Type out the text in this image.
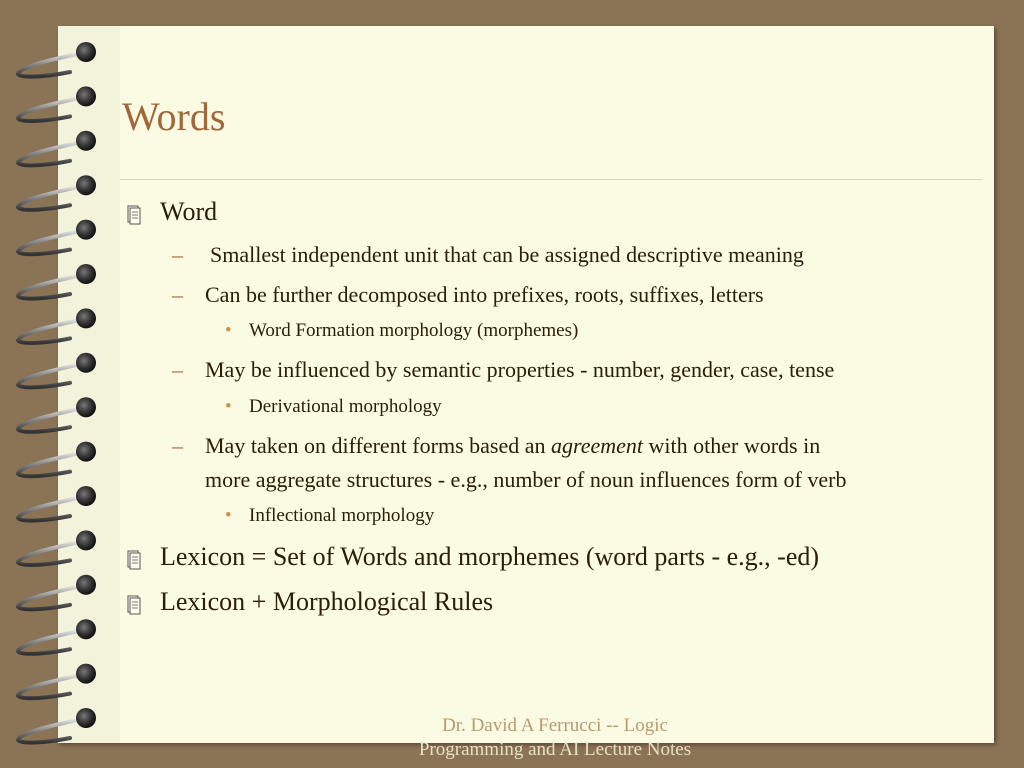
Words
Word
– Smallest independent unit that can be assigned descriptive meaning
– Can be further decomposed into prefixes, roots, suffixes, letters
• Word Formation morphology (morphemes)
– May be influenced by semantic properties - number, gender, case, tense
• Derivational morphology
– May taken on different forms based an agreement with other words in
more aggregate structures - e.g., number of noun influences form of verb
• Inflectional morphology
Lexicon = Set of Words and morphemes (word parts - e.g., -ed)
Lexicon + Morphological Rules
Dr. David A Ferrucci -- Logic
Programming and AI Lecture Notes
